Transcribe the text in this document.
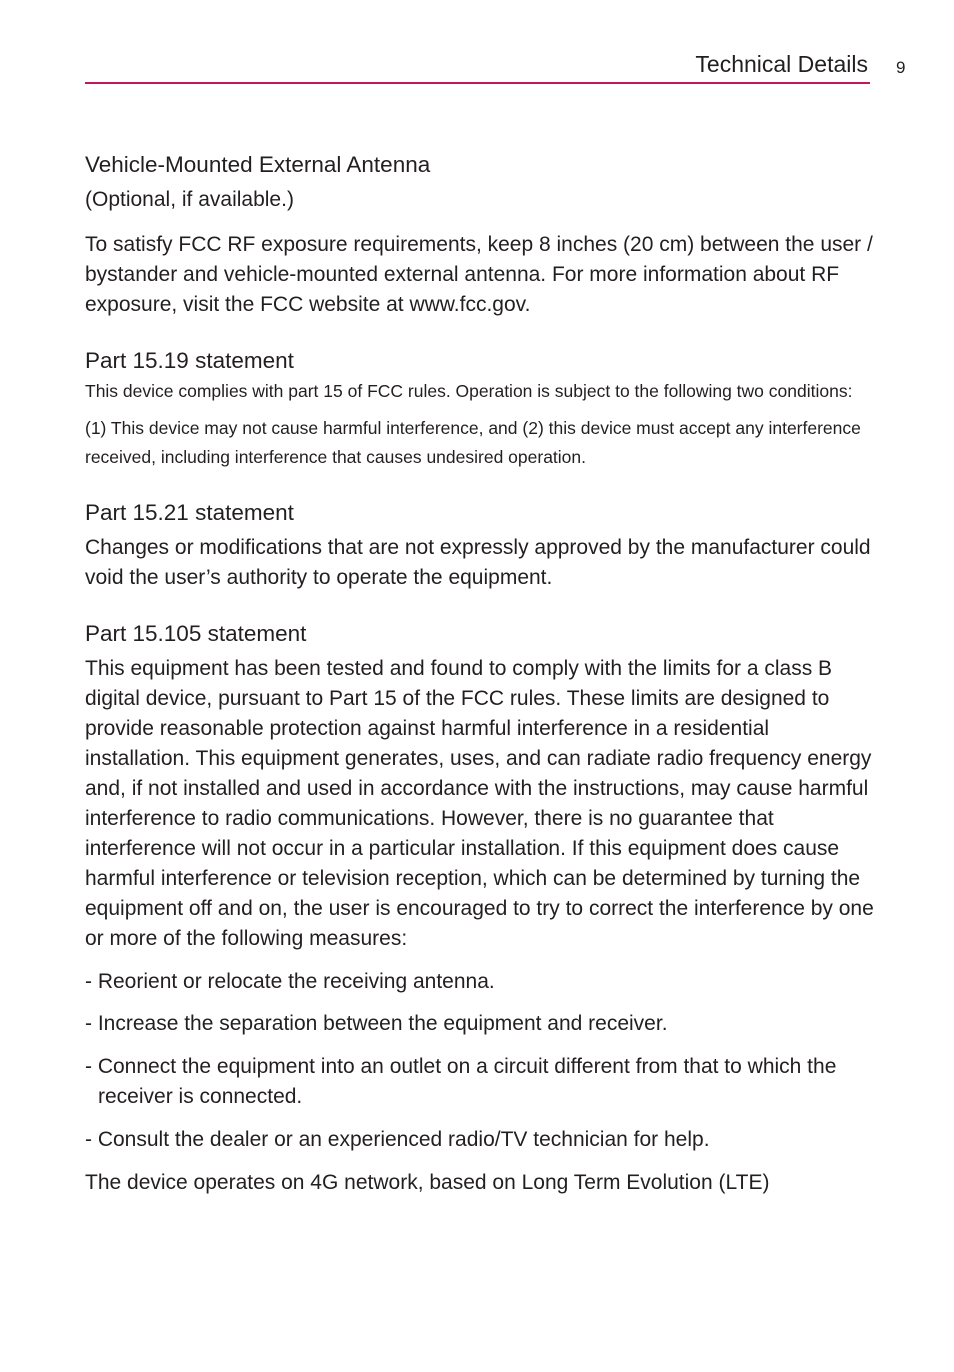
Technical Details 9
Vehicle-Mounted External Antenna

(Optional, if available.)

To satisfy FCC RF exposure requirements, keep 8 inches (20 cm) between the user / bystander and vehicle-mounted external antenna. For more information about RF exposure, visit the FCC website at www.fcc.gov.

Part 15.19 statement

This device complies with part 15 of FCC rules. Operation is subject to the following two conditions:

(1) This device may not cause harmful interference, and (2) this device must accept any interference received, including interference that causes undesired operation.

Part 15.21 statement

Changes or modifications that are not expressly approved by the manufacturer could void the user’s authority to operate the equipment.

Part 15.105 statement

This equipment has been tested and found to comply with the limits for a class B digital device, pursuant to Part 15 of the FCC rules. These limits are designed to provide reasonable protection against harmful interference in a residential installation. This equipment generates, uses, and can radiate radio frequency energy and, if not installed and used in accordance with the instructions, may cause harmful interference to radio communications. However, there is no guarantee that interference will not occur in a particular installation. If this equipment does cause harmful interference or television reception, which can be determined by turning the equipment off and on, the user is encouraged to try to correct the interference by one or more of the following measures:

- Reorient or relocate the receiving antenna.
- Increase the separation between the equipment and receiver.
- Connect the equipment into an outlet on a circuit different from that to which the receiver is connected.
- Consult the dealer or an experienced radio/TV technician for help.

The device operates on 4G network, based on Long Term Evolution (LTE)
